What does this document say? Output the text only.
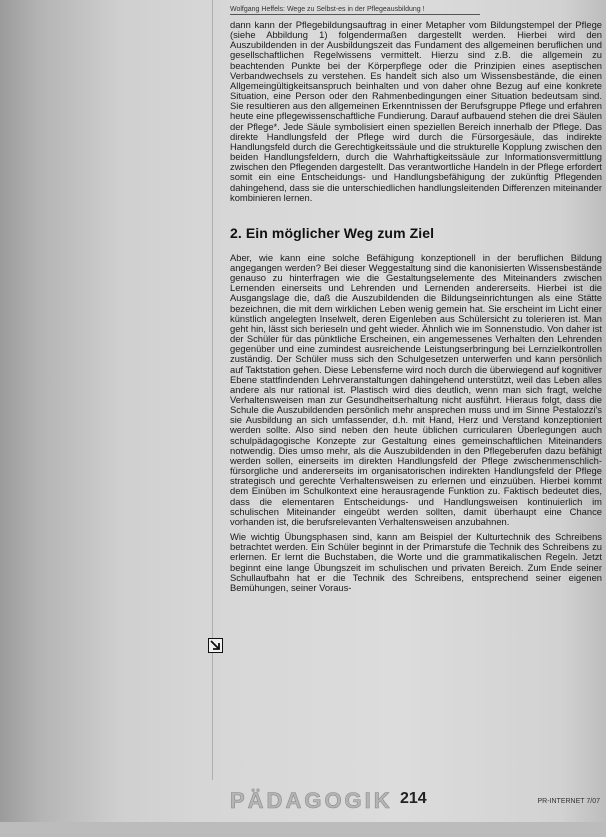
Wolfgang Heffels: Wege zu Selbst-es in der Pflegeausbildung !

dann kann der Pflegebildungsauftrag in einer Metapher vom Bildungstempel der Pflege (siehe Abbildung 1) folgendermaßen dargestellt werden. Hierbei wird den Auszubildenden in der Ausbildungszeit das Fundament des allgemeinen beruflichen und gesellschaftlichen Regelwissens vermittelt. Hierzu sind z.B. die allgemein zu beachtenden Punkte bei der Körperpflege oder die Prinzipien eines aseptischen Verbandwechsels zu verstehen. Es handelt sich also um Wissensbestände, die einen Allgemeingültigkeitsanspruch beinhalten und von daher ohne Bezug auf eine konkrete Situation, eine Person oder den Rahmenbedingungen einer Situation bedeutsam sind. Sie resultieren aus den allgemeinen Erkenntnissen der Berufsgruppe Pflege und erfahren heute eine pflegewissenschaftliche Fundierung. Darauf aufbauend stehen die drei Säulen der Pflege*. Jede Säule symbolisiert einen speziellen Bereich innerhalb der Pflege. Das direkte Handlungsfeld der Pflege wird durch die Fürsorgesäule, das indirekte Handlungsfeld durch die Gerechtigkeitssäule und die strukturelle Kopplung zwischen den beiden Handlungsfeldern, durch die Wahrhaftigkeitssäule zur Informationsvermittlung zwischen den Pflegenden dargestellt. Das verantwortliche Handeln in der Pflege erfordert somit ein eine Entscheidungs- und Handlungsbefähigung der zukünftig Pflegenden dahingehend, dass sie die unterschiedlichen handlungsleitenden Differenzen miteinander kombinieren lernen.

2. Ein möglicher Weg zum Ziel

Aber, wie kann eine solche Befähigung konzeptionell in der beruflichen Bildung angegangen werden? Bei dieser Weggestaltung sind die kanonisierten Wissensbestände genauso zu hinterfragen wie die Gestaltungselemente des Miteinanders zwischen Lernenden einerseits und Lehrenden und Lernenden andererseits. Hierbei ist die Ausgangslage die, daß die Auszubildenden die Bildungseinrichtungen als eine Stätte bezeichnen, die mit dem wirklichen Leben wenig gemein hat. Sie erscheint im Licht einer künstlich angelegten Inselwelt, deren Eigenleben aus Schülersicht zu tolerieren ist. Man geht hin, lässt sich berieseln und geht wieder. Ähnlich wie im Sonnenstudio. Von daher ist der Schüler für das pünktliche Erscheinen, ein angemessenes Verhalten den Lehrenden gegenüber und eine zumindest ausreichende Leistungserbringung bei Lernzielkontrollen zuständig. Der Schüler muss sich den Schulgesetzen unterwerfen und kann persönlich auf Taktstation gehen. Diese Lebensferne wird noch durch die überwiegend auf kognitiver Ebene stattfindenden Lehrveranstaltungen dahingehend unterstützt, weil das Leben alles andere als nur rational ist. Plastisch wird dies deutlich, wenn man sich fragt, welche Verhaltensweisen man zur Gesundheitserhaltung nicht ausführt. Hieraus folgt, dass die Schule die Auszubildenden persönlich mehr ansprechen muss und im Sinne Pestalozzi's sie Ausbildung an sich umfassender, d.h. mit Hand, Herz und Verstand konzeptioniert werden sollte. Also sind neben den heute üblichen curricularen Überlegungen auch schulpädagogische Konzepte zur Gestaltung eines gemeinschaftlichen Miteinanders notwendig. Dies umso mehr, als die Auszubildenden in den Pflegeberufen dazu befähigt werden sollen, einerseits im direkten Handlungsfeld der Pflege zwischenmenschlich-fürsorgliche und andererseits im organisatorischen indirekten Handlungsfeld der Pflege strategisch und gerechte Verhaltensweisen zu erlernen und einzuüben. Hierbei kommt dem Einüben im Schulkontext eine herausragende Funktion zu. Faktisch bedeutet dies, dass die elementaren Entscheidungs- und Handlungsweisen kontinuierlich im schulischen Miteinander eingeübt werden sollten, damit überhaupt eine Chance vorhanden ist, die berufsrelevanten Verhaltensweisen anzubahnen.

Wie wichtig Übungsphasen sind, kann am Beispiel der Kulturtechnik des Schreibens betrachtet werden. Ein Schüler beginnt in der Primarstufe die Technik des Schreibens zu erlernen. Er lernt die Buchstaben, die Worte und die grammatikalischen Regeln. Jetzt beginnt eine lange Übungszeit im schulischen und privaten Bereich. Zum Ende seiner Schullaufbahn hat er die Technik des Schreibens, entsprechend seiner eigenen Bemühungen, seiner Voraus-

PÄDAGOGIK 214	PR-INTERNET 7/07
